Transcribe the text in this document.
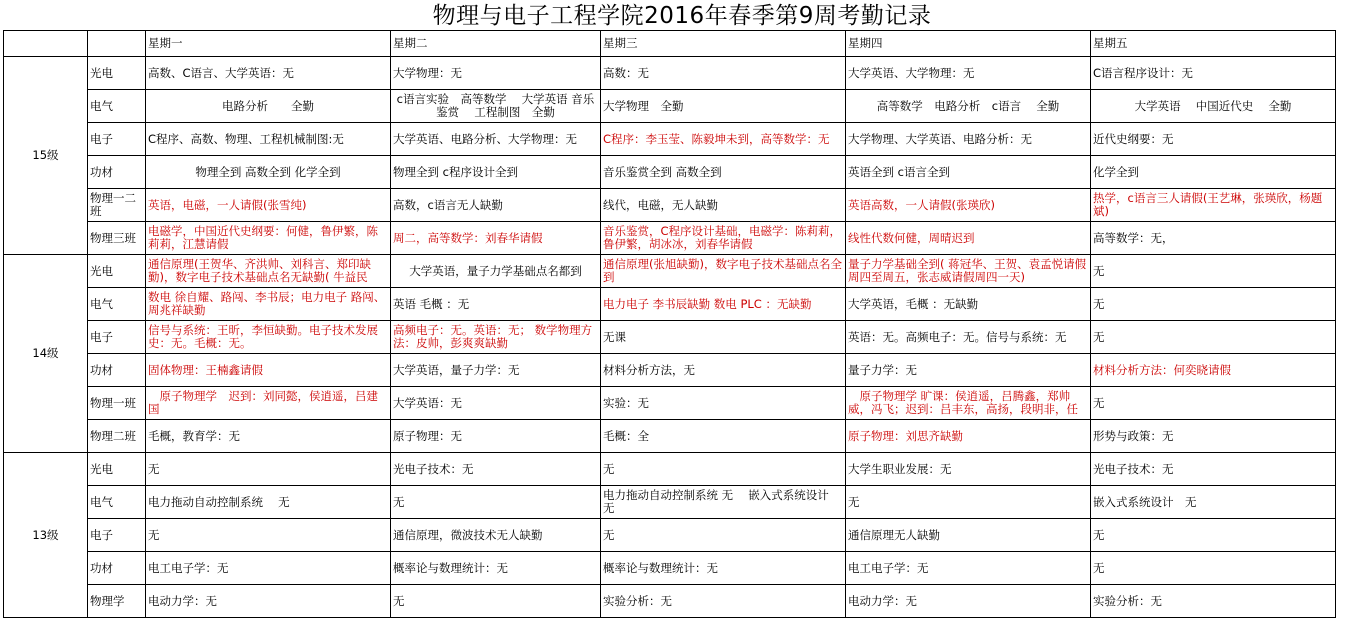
物理与电子工程学院2016年春季第9周考勤记录
		星期一	星期二	星期三	星期四	星期五
15级	光电	高数、C语言、大学英语：无	大学物理：无	高数：无	大学英语、大学物理：无	C语言程序设计：无
	电气	电路分析　　全勤	c语言实验　高等数学　 大学英语 音乐鉴赏　 工程制图　全勤	大学物理　全勤	高等数学　电路分析　c语言　 全勤	大学英语　 中国近代史　 全勤
	电子	C程序、高数、物理、工程机械制图:无	大学英语、电路分析、大学物理：无	C程序：李玉莹、陈毅坤未到，高等数学：无	大学物理、大学英语、电路分析：无	近代史纲要：无
	功材	物理全到 高数全到 化学全到	物理全到 c程序设计全到	音乐鉴赏全到 高数全到	英语全到 c语言全到	化学全到
	物理一二班	英语，电磁，一人请假(张雪纯)	高数，c语言无人缺勤	线代，电磁，无人缺勤	英语高数，一人请假(张瑛欣)	热学，c语言三人请假(王艺琳，张瑛欣，杨题斌)
	物理三班	电磁学，中国近代史纲要：何健，鲁伊繁，陈莉莉，江慧请假	周二，高等数学：刘春华请假	音乐鉴赏，C程序设计基础，电磁学：陈莉莉，鲁伊繁，胡冰冰，刘春华请假	线性代数何健，周晴迟到	高等数学：无，
14级	光电	通信原理(王贺华、齐洪帅、刘科言、郑印缺勤)，数字电子技术基础点名无缺勤( 牛益民	大学英语，量子力学基础点名都到	通信原理(张旭缺勤)，数字电子技术基础点名全到	量子力学基础全到( 蒋冠华、王贺、袁孟悦请假周四至周五，张志威请假周四一天)	无
	电气	数电 徐自耀、路闯、李书辰；电力电子 路闯、周兆祥缺勤	英语 毛概 ：无	电力电子 李书辰缺勤 数电 PLC ：无缺勤	大学英语，毛概 ：无缺勤	无
	电子	信号与系统：王昕，李恒缺勤。电子技术发展史：无。毛概：无。	高频电子：无。英语：无； 数学物理方法：皮帅，彭爽爽缺勤	无课	英语：无。高频电子：无。信号与系统：无	无
	功材	固体物理：王楠鑫请假	大学英语，量子力学：无	材料分析方法，无	量子力学：无	材料分析方法：何奕晓请假
	物理一班	　原子物理学　迟到：刘同懿，侯逍遥，吕建国	大学英语：无	实验：无	　原子物理学 旷课：侯逍遥，吕腾鑫，郑帅威，冯飞；迟到：吕丰东，高扬，段明非，任	无
	物理二班	毛概，教育学：无	原子物理：无	毛概：全	原子物理：刘思齐缺勤	形势与政策：无
13级	光电	无	光电子技术：无	无	大学生职业发展：无	光电子技术：无
	电气	电力拖动自动控制系统　 无	无	电力拖动自动控制系统 无　 嵌入式系统设计　无	无	嵌入式系统设计　无
	电子	无	通信原理，微波技术无人缺勤	无	通信原理无人缺勤	无
	功材	电工电子学：无	概率论与数理统计：无	概率论与数理统计：无	电工电子学：无	无
	物理学	电动力学：无	无	实验分析：无	电动力学：无	实验分析：无
